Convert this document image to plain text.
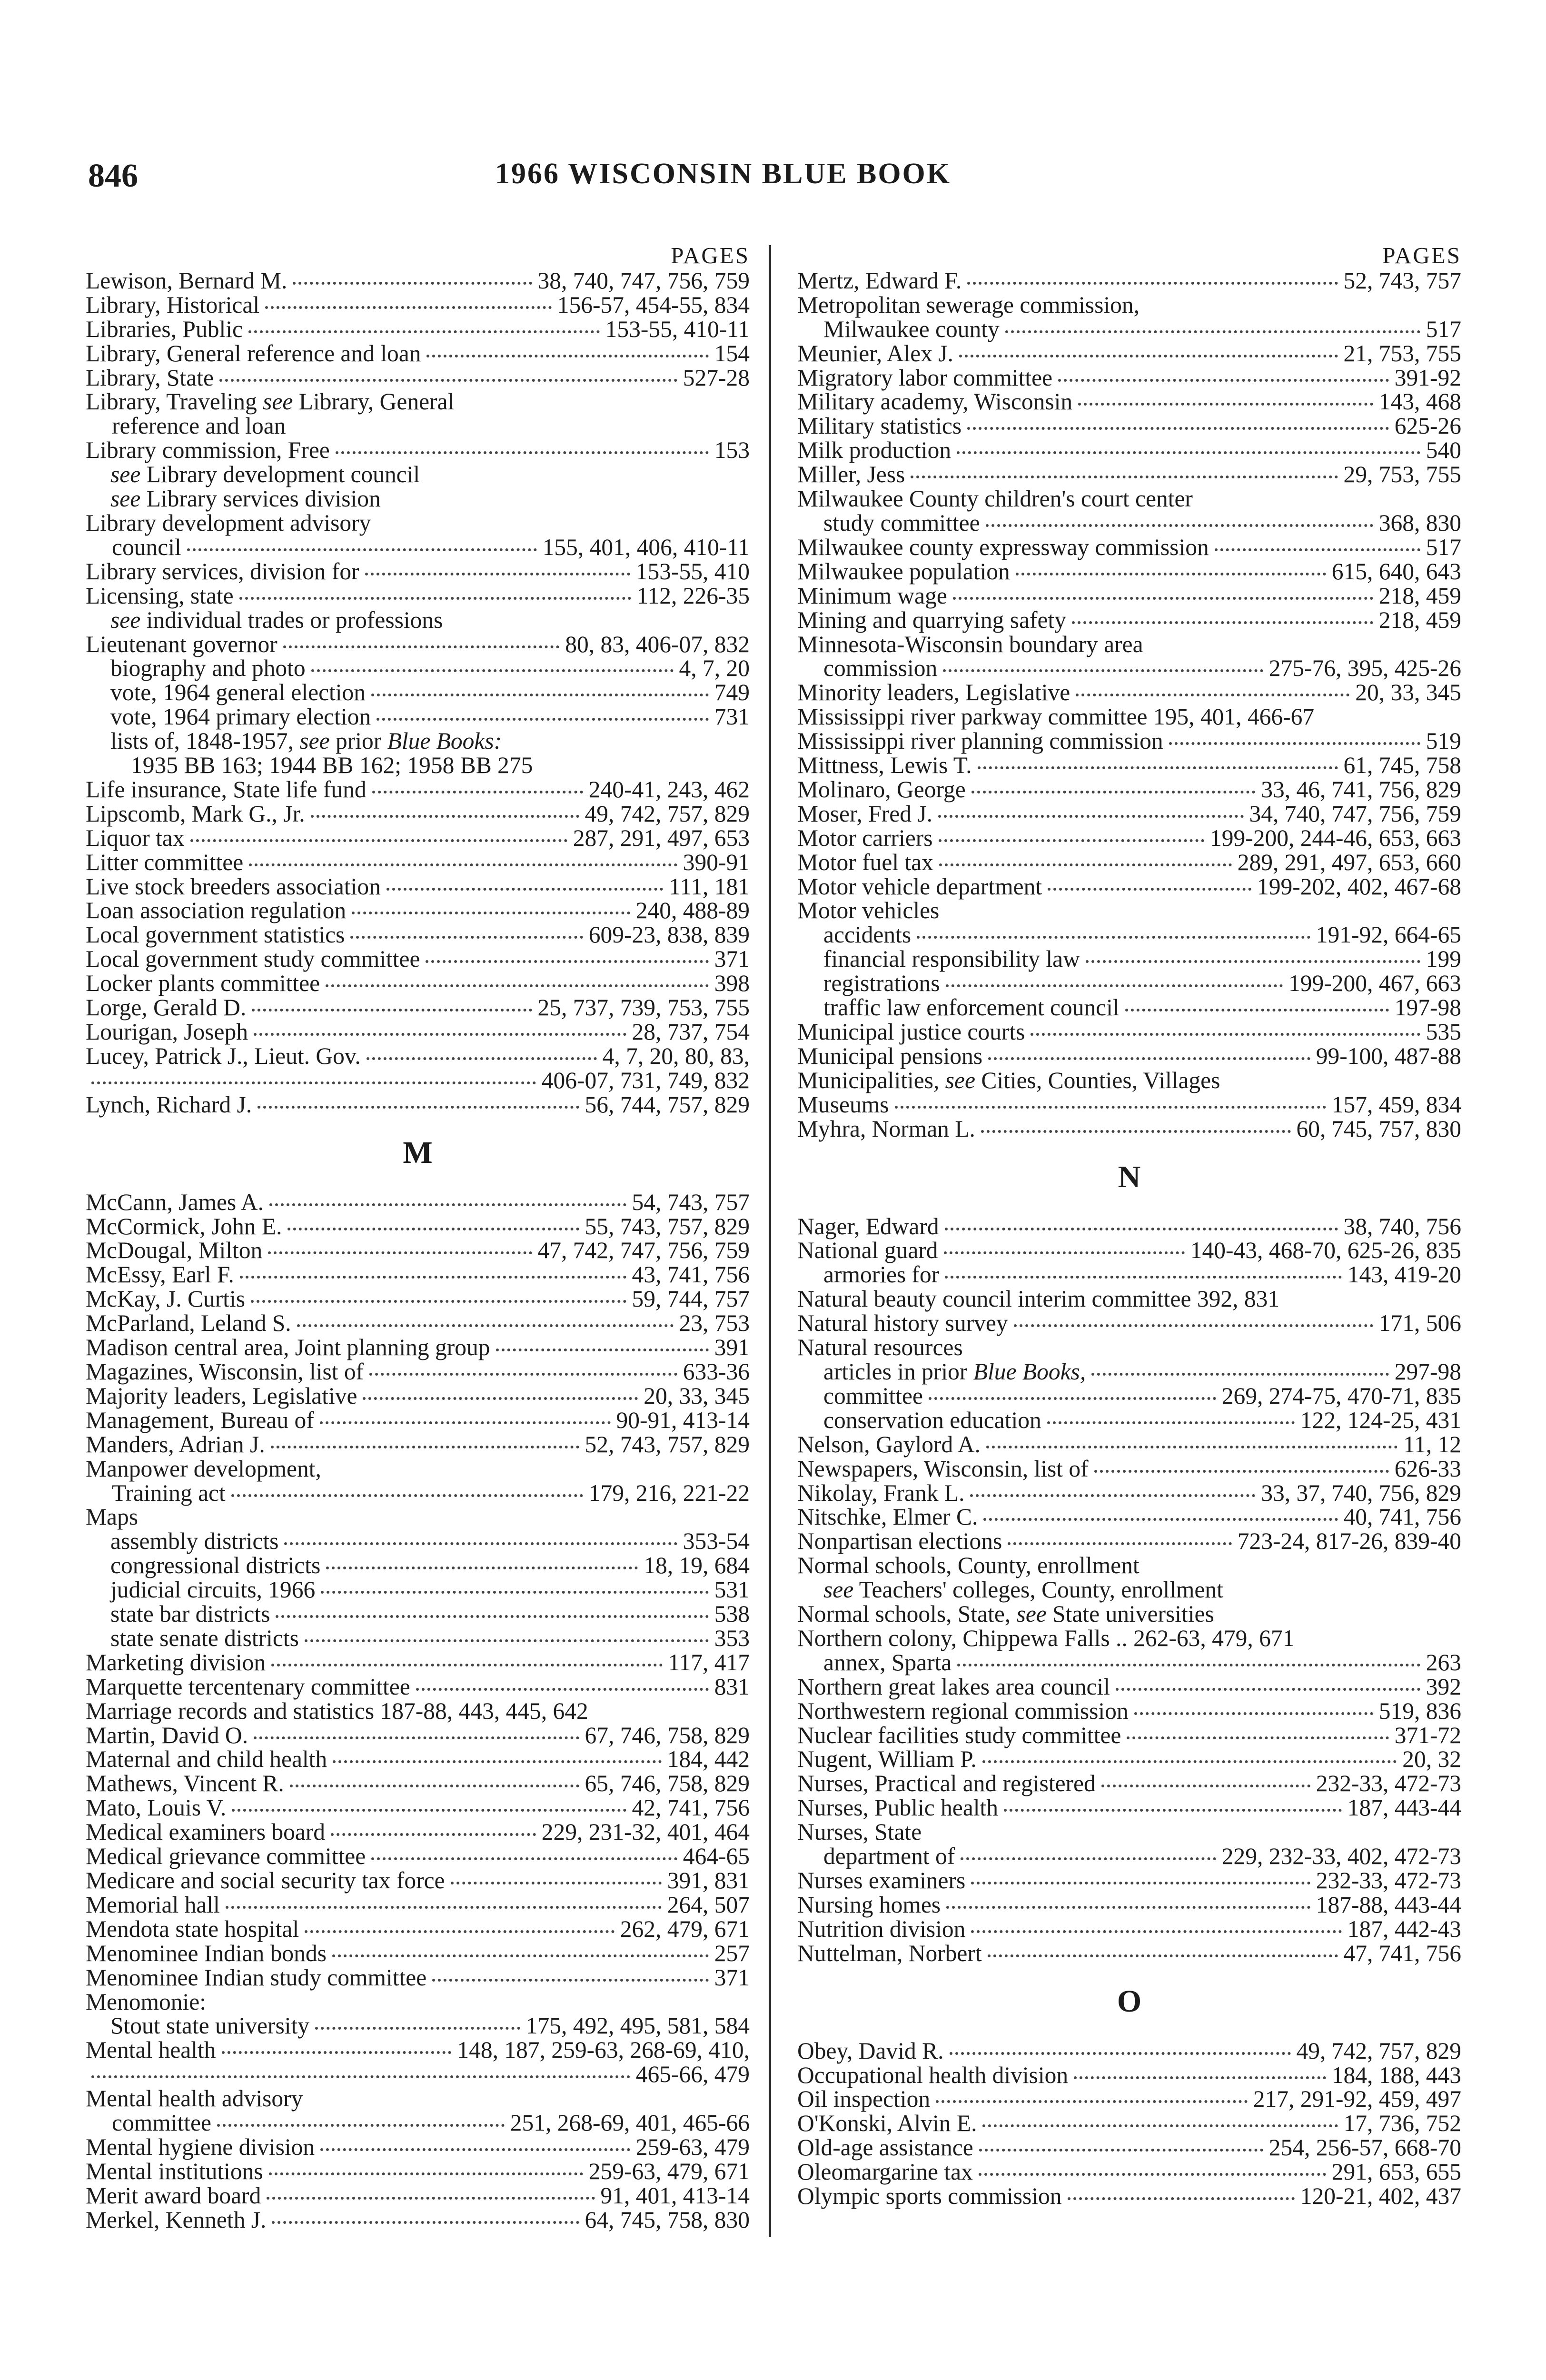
846	1966 WISCONSIN BLUE BOOK
PAGES
Lewison, Bernard M.	38, 740, 747, 756, 759
Library, Historical	156-57, 454-55, 834
Libraries, Public	153-55, 410-11
Library, General reference and loan	154
Library, State	527-28
Library, Traveling see Library, General
reference and loan
Library commission, Free	153
see Library development council
see Library services division
Library development advisory
council	155, 401, 406, 410-11
Library services, division for	153-55, 410
Licensing, state	112, 226-35
see individual trades or professions
Lieutenant governor	80, 83, 406-07, 832
biography and photo	4, 7, 20
vote, 1964 general election	749
vote, 1964 primary election	731
lists of, 1848-1957, see prior Blue Books:
1935 BB 163; 1944 BB 162; 1958 BB 275
Life insurance, State life fund	240-41, 243, 462
Lipscomb, Mark G., Jr.	49, 742, 757, 829
Liquor tax	287, 291, 497, 653
Litter committee	390-91
Live stock breeders association	111, 181
Loan association regulation	240, 488-89
Local government statistics	609-23, 838, 839
Local government study committee	371
Locker plants committee	398
Lorge, Gerald D.	25, 737, 739, 753, 755
Lourigan, Joseph	28, 737, 754
Lucey, Patrick J., Lieut. Gov.	4, 7, 20, 80, 83,
406-07, 731, 749, 832
Lynch, Richard J.	56, 744, 757, 829
M
McCann, James A.	54, 743, 757
McCormick, John E.	55, 743, 757, 829
McDougal, Milton	47, 742, 747, 756, 759
McEssy, Earl F.	43, 741, 756
McKay, J. Curtis	59, 744, 757
McParland, Leland S.	23, 753
Madison central area, Joint planning group	391
Magazines, Wisconsin, list of	633-36
Majority leaders, Legislative	20, 33, 345
Management, Bureau of	90-91, 413-14
Manders, Adrian J.	52, 743, 757, 829
Manpower development,
Training act	179, 216, 221-22
Maps
assembly districts	353-54
congressional districts	18, 19, 684
judicial circuits, 1966	531
state bar districts	538
state senate districts	353
Marketing division	117, 417
Marquette tercentenary committee	831
Marriage records and statistics 187-88, 443, 445, 642
Martin, David O.	67, 746, 758, 829
Maternal and child health	184, 442
Mathews, Vincent R.	65, 746, 758, 829
Mato, Louis V.	42, 741, 756
Medical examiners board	229, 231-32, 401, 464
Medical grievance committee	464-65
Medicare and social security tax force	391, 831
Memorial hall	264, 507
Mendota state hospital	262, 479, 671
Menominee Indian bonds	257
Menominee Indian study committee	371
Menomonie:
Stout state university	175, 492, 495, 581, 584
Mental health	148, 187, 259-63, 268-69, 410,
465-66, 479
Mental health advisory
committee	251, 268-69, 401, 465-66
Mental hygiene division	259-63, 479
Mental institutions	259-63, 479, 671
Merit award board	91, 401, 413-14
Merkel, Kenneth J.	64, 745, 758, 830
PAGES
Mertz, Edward F.	52, 743, 757
Metropolitan sewerage commission,
Milwaukee county	517
Meunier, Alex J.	21, 753, 755
Migratory labor committee	391-92
Military academy, Wisconsin	143, 468
Military statistics	625-26
Milk production	540
Miller, Jess	29, 753, 755
Milwaukee County children's court center
study committee	368, 830
Milwaukee county expressway commission	517
Milwaukee population	615, 640, 643
Minimum wage	218, 459
Mining and quarrying safety	218, 459
Minnesota-Wisconsin boundary area
commission	275-76, 395, 425-26
Minority leaders, Legislative	20, 33, 345
Mississippi river parkway committee 195, 401, 466-67
Mississippi river planning commission	519
Mittness, Lewis T.	61, 745, 758
Molinaro, George	33, 46, 741, 756, 829
Moser, Fred J.	34, 740, 747, 756, 759
Motor carriers	199-200, 244-46, 653, 663
Motor fuel tax	289, 291, 497, 653, 660
Motor vehicle department	199-202, 402, 467-68
Motor vehicles
accidents	191-92, 664-65
financial responsibility law	199
registrations	199-200, 467, 663
traffic law enforcement council	197-98
Municipal justice courts	535
Municipal pensions	99-100, 487-88
Municipalities, see Cities, Counties, Villages
Museums	157, 459, 834
Myhra, Norman L.	60, 745, 757, 830
N
Nager, Edward	38, 740, 756
National guard	140-43, 468-70, 625-26, 835
armories for	143, 419-20
Natural beauty council interim committee 392, 831
Natural history survey	171, 506
Natural resources
articles in prior Blue Books,	297-98
committee	269, 274-75, 470-71, 835
conservation education	122, 124-25, 431
Nelson, Gaylord A.	11, 12
Newspapers, Wisconsin, list of	626-33
Nikolay, Frank L.	33, 37, 740, 756, 829
Nitschke, Elmer C.	40, 741, 756
Nonpartisan elections	723-24, 817-26, 839-40
Normal schools, County, enrollment
see Teachers' colleges, County, enrollment
Normal schools, State, see State universities
Northern colony, Chippewa Falls .. 262-63, 479, 671
annex, Sparta	263
Northern great lakes area council	392
Northwestern regional commission	519, 836
Nuclear facilities study committee	371-72
Nugent, William P.	20, 32
Nurses, Practical and registered	232-33, 472-73
Nurses, Public health	187, 443-44
Nurses, State
department of	229, 232-33, 402, 472-73
Nurses examiners	232-33, 472-73
Nursing homes	187-88, 443-44
Nutrition division	187, 442-43
Nuttelman, Norbert	47, 741, 756
O
Obey, David R.	49, 742, 757, 829
Occupational health division	184, 188, 443
Oil inspection	217, 291-92, 459, 497
O'Konski, Alvin E.	17, 736, 752
Old-age assistance	254, 256-57, 668-70
Oleomargarine tax	291, 653, 655
Olympic sports commission	120-21, 402, 437
